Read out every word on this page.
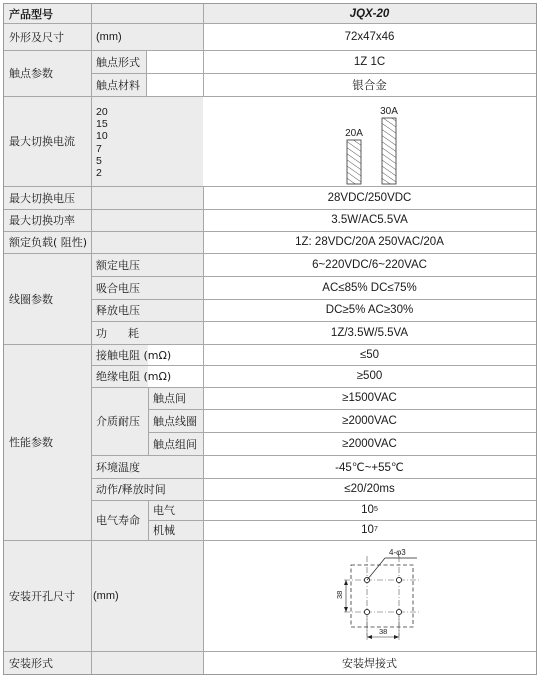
产品型号	JQX-20
外形及尺寸	(mm)	72x47x46
触点参数
触点形式	1Z 1C
触点材料	银合金
最大切换电流
20
15
10
7
5
2
20A
30A
最大切换电压	28VDC/250VDC
最大切换功率	3.5W/AC5.5VA
额定负载( 阻性)	1Z: 28VDC/20A 250VAC/20A
线圈参数
额定电压	6~220VDC/6~220VAC
吸合电压	AC≤85% DC≤75%
释放电压	DC≥5% AC≥30%
功      耗	1Z/3.5W/5.5VA
性能参数
接触电阻 (mΩ)	≤50
绝缘电阻 (mΩ)	≥500
介质耐压
触点间	≥1500VAC
触点线圈	≥2000VAC
触点组间	≥2000VAC
环境温度	-45℃~+55℃
动作/释放时间	≤20/20ms
电气寿命
电气	10 5
机械	10 7
安装开孔尺寸	(mm)
4-φ3
38
38
安装形式	安装焊接式
